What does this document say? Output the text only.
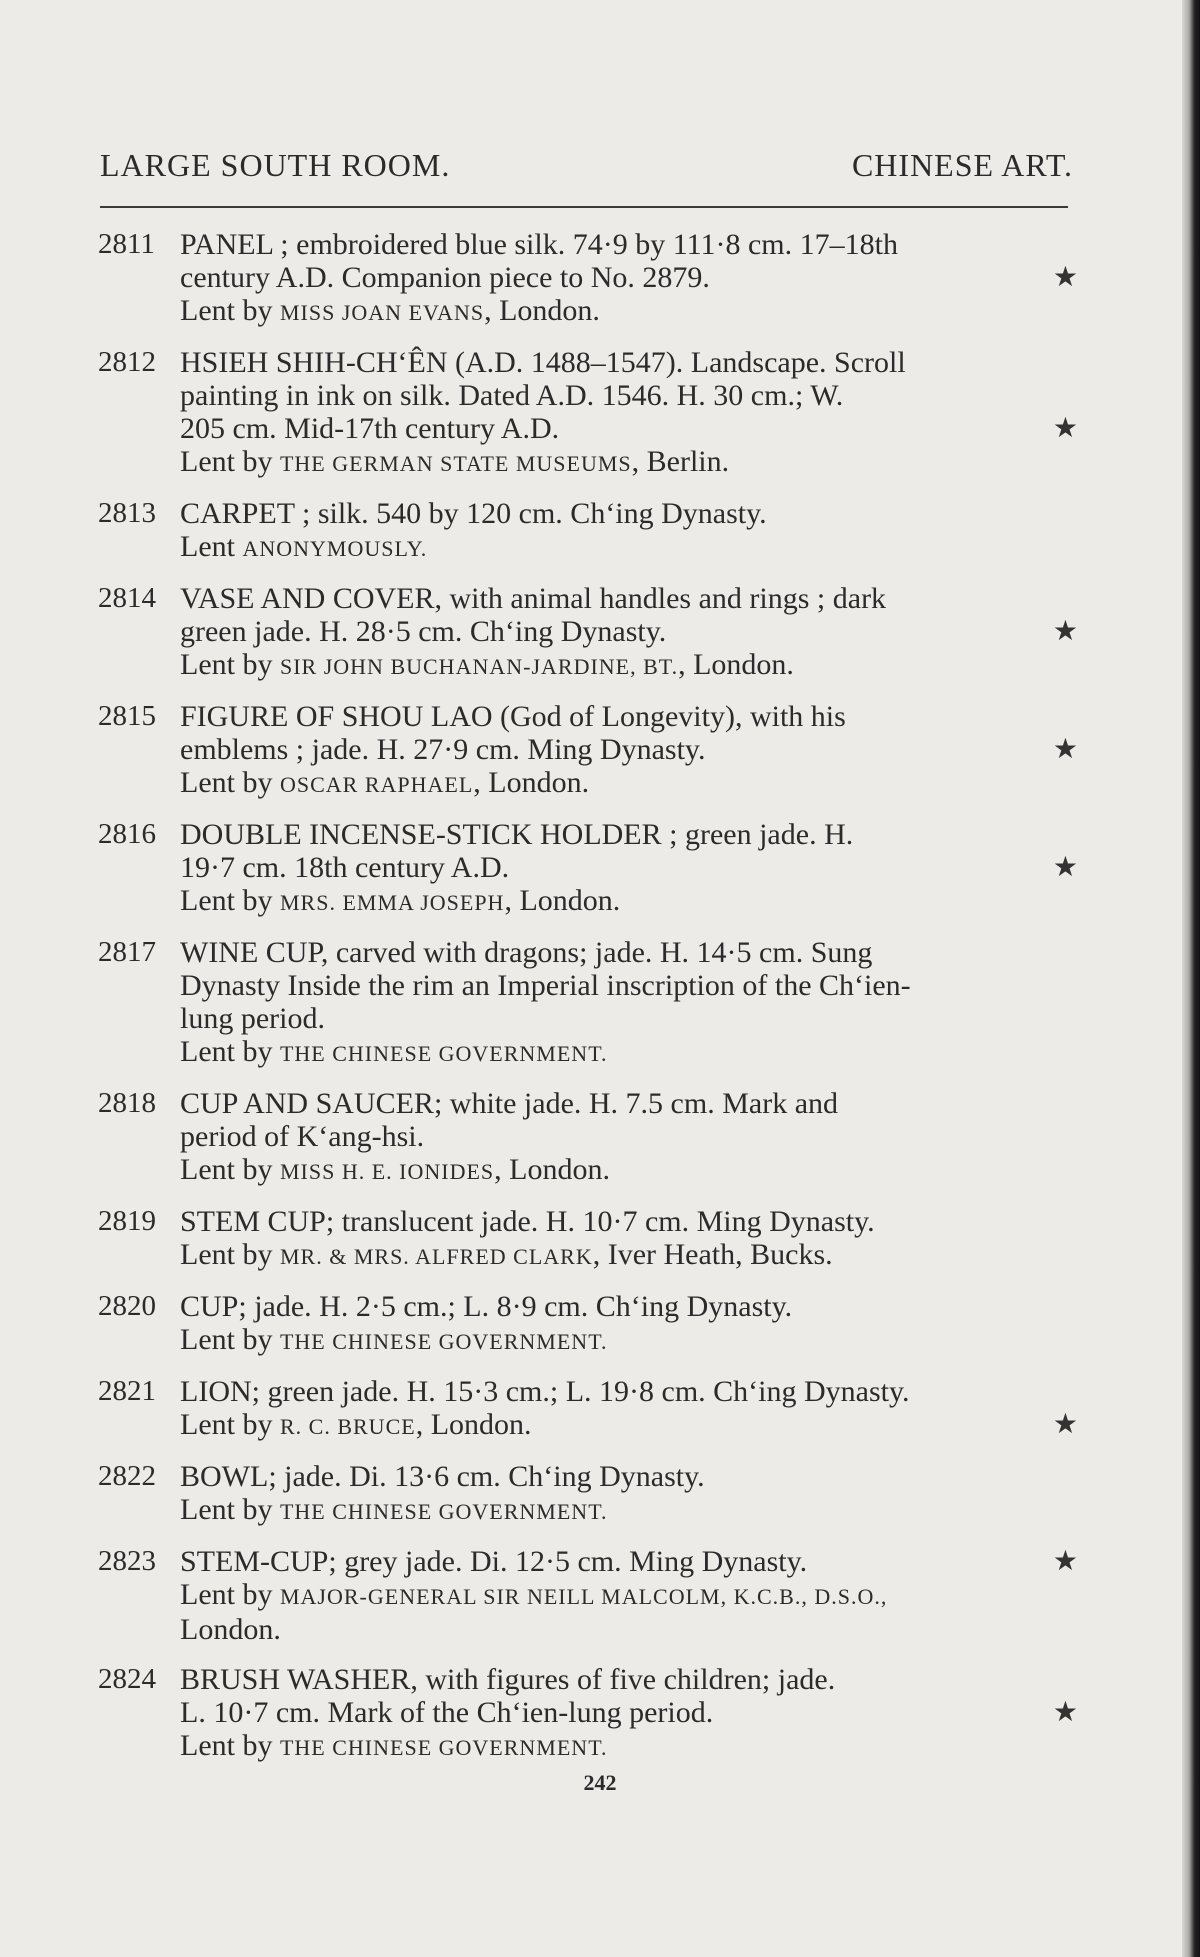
LARGE SOUTH ROOM.	CHINESE ART.
2811 PANEL ; embroidered blue silk. 74·9 by 111·8 cm. 17–18th
century A.D. Companion piece to No. 2879.	★
Lent by MISS JOAN EVANS, London.
2812 HSIEH SHIH-CH‘ÊN (A.D. 1488–1547). Landscape. Scroll
painting in ink on silk. Dated A.D. 1546. H. 30 cm.; W.
205 cm. Mid-17th century A.D.	★
Lent by THE GERMAN STATE MUSEUMS, Berlin.
2813 CARPET ; silk. 540 by 120 cm. Ch‘ing Dynasty.
Lent ANONYMOUSLY.
2814 VASE AND COVER, with animal handles and rings ; dark
green jade. H. 28·5 cm. Ch‘ing Dynasty.	★
Lent by SIR JOHN BUCHANAN-JARDINE, BT., London.
2815 FIGURE OF SHOU LAO (God of Longevity), with his
emblems ; jade. H. 27·9 cm. Ming Dynasty.	★
Lent by OSCAR RAPHAEL, London.
2816 DOUBLE INCENSE-STICK HOLDER ; green jade. H.
19·7 cm. 18th century A.D.	★
Lent by MRS. EMMA JOSEPH, London.
2817 WINE CUP, carved with dragons; jade. H. 14·5 cm. Sung
Dynasty Inside the rim an Imperial inscription of the Ch‘ien-
lung period.
Lent by THE CHINESE GOVERNMENT.
2818 CUP AND SAUCER; white jade. H. 7.5 cm. Mark and
period of K‘ang-hsi.
Lent by MISS H. E. IONIDES, London.
2819 STEM CUP; translucent jade. H. 10·7 cm. Ming Dynasty.
Lent by MR. & MRS. ALFRED CLARK, Iver Heath, Bucks.
2820 CUP; jade. H. 2·5 cm.; L. 8·9 cm. Ch‘ing Dynasty.
Lent by THE CHINESE GOVERNMENT.
2821 LION; green jade. H. 15·3 cm.; L. 19·8 cm. Ch‘ing Dynasty.
Lent by R. C. BRUCE, London.	★
2822 BOWL; jade. Di. 13·6 cm. Ch‘ing Dynasty.
Lent by THE CHINESE GOVERNMENT.
2823 STEM-CUP; grey jade. Di. 12·5 cm. Ming Dynasty.	★
Lent by MAJOR-GENERAL SIR NEILL MALCOLM, K.C.B., D.S.O.,
London.
2824 BRUSH WASHER, with figures of five children; jade.
L. 10·7 cm. Mark of the Ch‘ien-lung period.	★
Lent by THE CHINESE GOVERNMENT.
242
